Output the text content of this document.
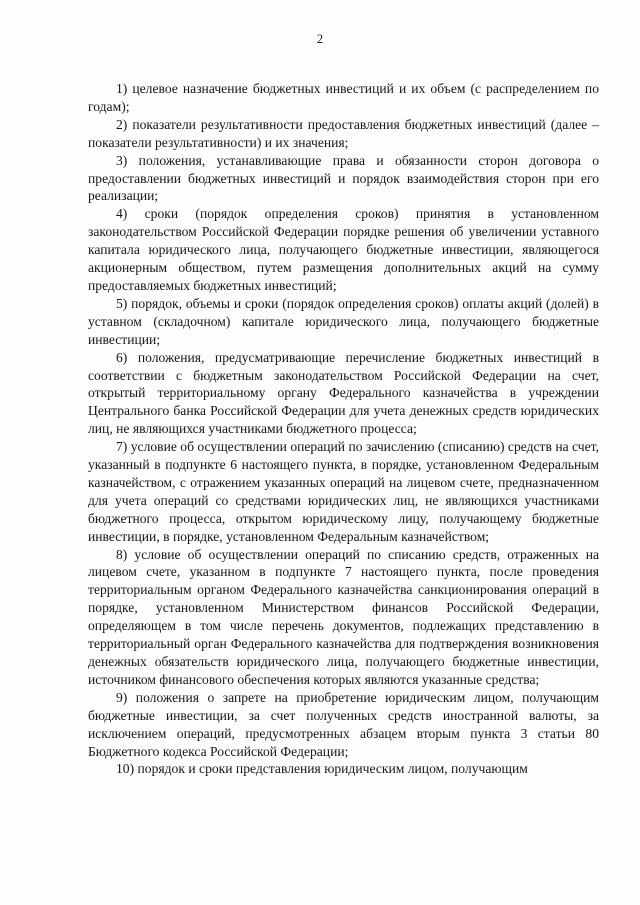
2

1) целевое назначение бюджетных инвестиций и их объем (с распределением по годам);

2) показатели результативности предоставления бюджетных инвестиций (далее – показатели результативности) и их значения;

3) положения, устанавливающие права и обязанности сторон договора о предоставлении бюджетных инвестиций и порядок взаимодействия сторон при его реализации;

4) сроки (порядок определения сроков) принятия в установленном законодательством Российской Федерации порядке решения об увеличении уставного капитала юридического лица, получающего бюджетные инвестиции, являющегося акционерным обществом, путем размещения дополнительных акций на сумму предоставляемых бюджетных инвестиций;

5) порядок, объемы и сроки (порядок определения сроков) оплаты акций (долей) в уставном (складочном) капитале юридического лица, получающего бюджетные инвестиции;

6) положения, предусматривающие перечисление бюджетных инвестиций в соответствии с бюджетным законодательством Российской Федерации на счет, открытый территориальному органу Федерального казначейства в учреждении Центрального банка Российской Федерации для учета денежных средств юридических лиц, не являющихся участниками бюджетного процесса;

7) условие об осуществлении операций по зачислению (списанию) средств на счет, указанный в подпункте 6 настоящего пункта, в порядке, установленном Федеральным казначейством, с отражением указанных операций на лицевом счете, предназначенном для учета операций со средствами юридических лиц, не являющихся участниками бюджетного процесса, открытом юридическому лицу, получающему бюджетные инвестиции, в порядке, установленном Федеральным казначейством;

8) условие об осуществлении операций по списанию средств, отраженных на лицевом счете, указанном в подпункте 7 настоящего пункта, после проведения территориальным органом Федерального казначейства санкционирования операций в порядке, установленном Министерством финансов Российской Федерации, определяющем в том числе перечень документов, подлежащих представлению в территориальный орган Федерального казначейства для подтверждения возникновения денежных обязательств юридического лица, получающего бюджетные инвестиции, источником финансового обеспечения которых являются указанные средства;

9) положения о запрете на приобретение юридическим лицом, получающим бюджетные инвестиции, за счет полученных средств иностранной валюты, за исключением операций, предусмотренных абзацем вторым пункта 3 статьи 80 Бюджетного кодекса Российской Федерации;

10) порядок и сроки представления юридическим лицом, получающим
